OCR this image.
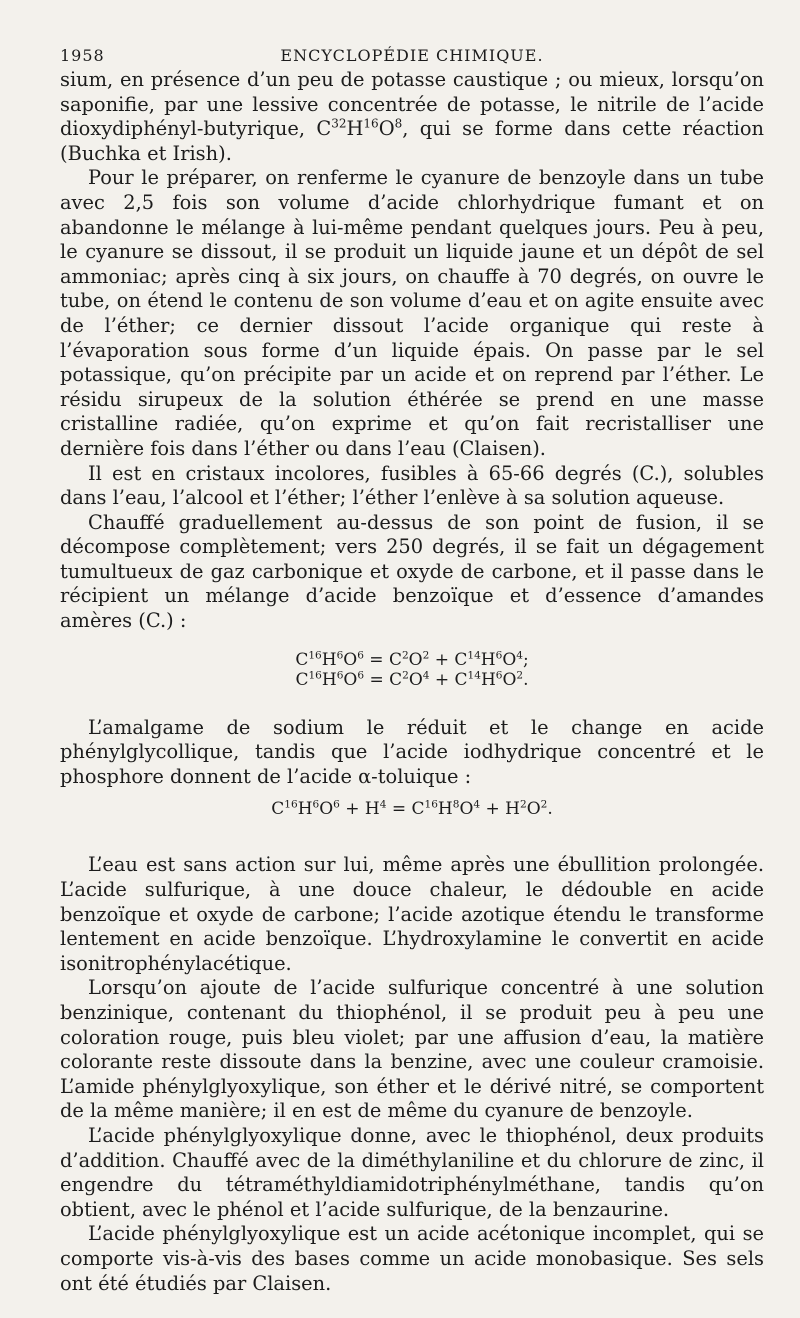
1958	ENCYCLOPÉDIE CHIMIQUE.

sium, en présence d’un peu de potasse caustique ; ou mieux, lorsqu’on saponifie, par une lessive concentrée de potasse, le nitrile de l’acide dioxydiphényl-butyrique, $C^{32}H^{16}O^8$, qui se forme dans cette réaction (Buchka et Irish).

Pour le préparer, on renferme le cyanure de benzoyle dans un tube avec 2,5 fois son volume d’acide chlorhydrique fumant et on abandonne le mélange à lui-même pendant quelques jours. Peu à peu, le cyanure se dissout, il se produit un liquide jaune et un dépôt de sel ammoniac; après cinq à six jours, on chauffe à 70 degrés, on ouvre le tube, on étend le contenu de son volume d’eau et on agite ensuite avec de l’éther; ce dernier dissout l’acide organique qui reste à l’évaporation sous forme d’un liquide épais. On passe par le sel potassique, qu’on précipite par un acide et on reprend par l’éther. Le résidu sirupeux de la solution éthérée se prend en une masse cristalline radiée, qu’on exprime et qu’on fait recristalliser une dernière fois dans l’éther ou dans l’eau (Claisen).

Il est en cristaux incolores, fusibles à 65-66 degrés (C.), solubles dans l’eau, l’alcool et l’éther; l’éther l’enlève à sa solution aqueuse.

Chauffé graduellement au-dessus de son point de fusion, il se décompose complètement; vers 250 degrés, il se fait un dégagement tumultueux de gaz carbonique et oxyde de carbone, et il passe dans le récipient un mélange d’acide benzoïque et d’essence d’amandes amères (C.) :

$C^{16}H^6O^6 = C^2O^2 + C^{14}H^6O^4$;
$C^{16}H^6O^6 = C^2O^4 + C^{14}H^6O^2$.

L’amalgame de sodium le réduit et le change en acide phénylglycollique, tandis que l’acide iodhydrique concentré et le phosphore donnent de l’acide α-toluique :

$C^{16}H^6O^6 + H^4 = C^{16}H^8O^4 + H^2O^2$.

L’eau est sans action sur lui, même après une ébullition prolongée. L’acide sulfurique, à une douce chaleur, le dédouble en acide benzoïque et oxyde de carbone; l’acide azotique étendu le transforme lentement en acide benzoïque. L’hydroxylamine le convertit en acide isonitrophénylacétique.

Lorsqu’on ajoute de l’acide sulfurique concentré à une solution benzinique, contenant du thiophénol, il se produit peu à peu une coloration rouge, puis bleu violet; par une affusion d’eau, la matière colorante reste dissoute dans la benzine, avec une couleur cramoisie. L’amide phénylglyoxylique, son éther et le dérivé nitré, se comportent de la même manière; il en est de même du cyanure de benzoyle.

L’acide phénylglyoxylique donne, avec le thiophénol, deux produits d’addition. Chauffé avec de la diméthylaniline et du chlorure de zinc, il engendre du tétraméthyldiamidotriphénylméthane, tandis qu’on obtient, avec le phénol et l’acide sulfurique, de la benzaurine.

L’acide phénylglyoxylique est un acide acétonique incomplet, qui se comporte vis-à-vis des bases comme un acide monobasique. Ses sels ont été étudiés par Claisen.
